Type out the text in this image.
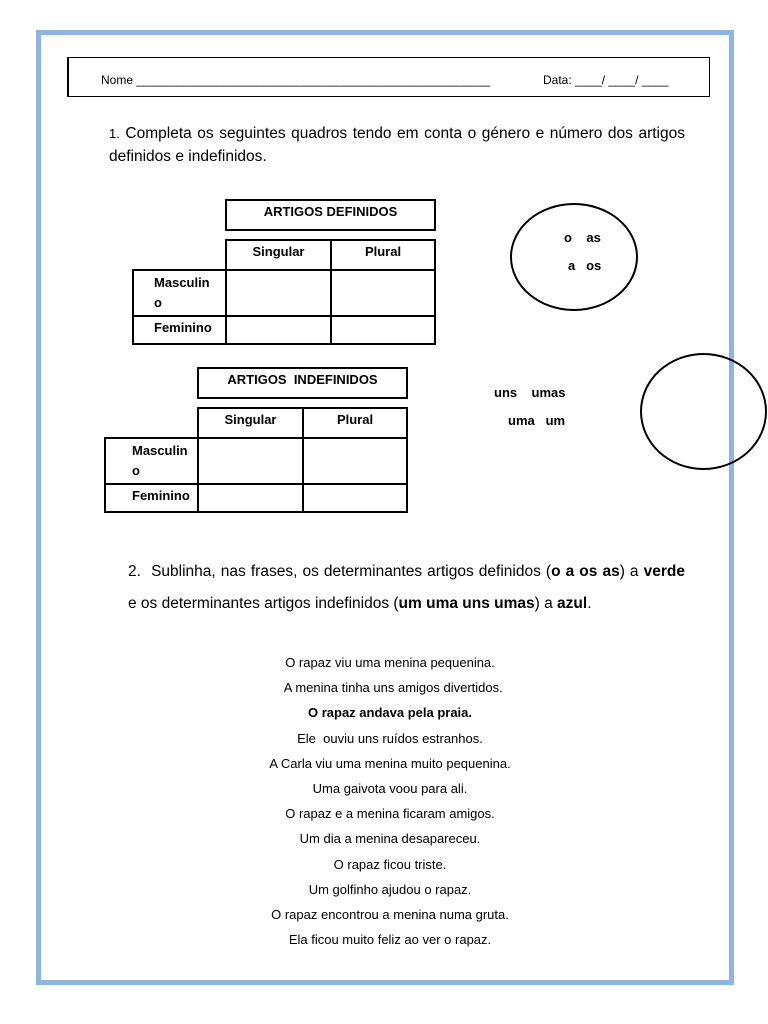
Nome _____________________________________________________	Data: ____/ ____/ ____
1. Completa os seguintes quadros tendo em conta o género e número dos artigos definidos e indefinidos.

	ARTIGOS DEFINIDOS	

	Singular	Plural

Masculin o		

Feminino		

o    as
a   os

	ARTIGOS  INDEFINIDOS	

	Singular	Plural

Masculin o		

Feminino		

uns    umas
uma   um
2. Sublinha, nas frases, os determinantes artigos definidos (o a os as) a verde e os determinantes artigos indefinidos (um uma uns umas) a azul.
O rapaz viu uma menina pequenina.
A menina tinha uns amigos divertidos.
O rapaz andava pela praia.
Ele  ouviu uns ruídos estranhos.
A Carla viu uma menina muito pequenina.
Uma gaivota voou para ali.
O rapaz e a menina ficaram amigos.
Um dia a menina desapareceu.
O rapaz ficou triste.
Um golfinho ajudou o rapaz.
O rapaz encontrou a menina numa gruta.
Ela ficou muito feliz ao ver o rapaz.
